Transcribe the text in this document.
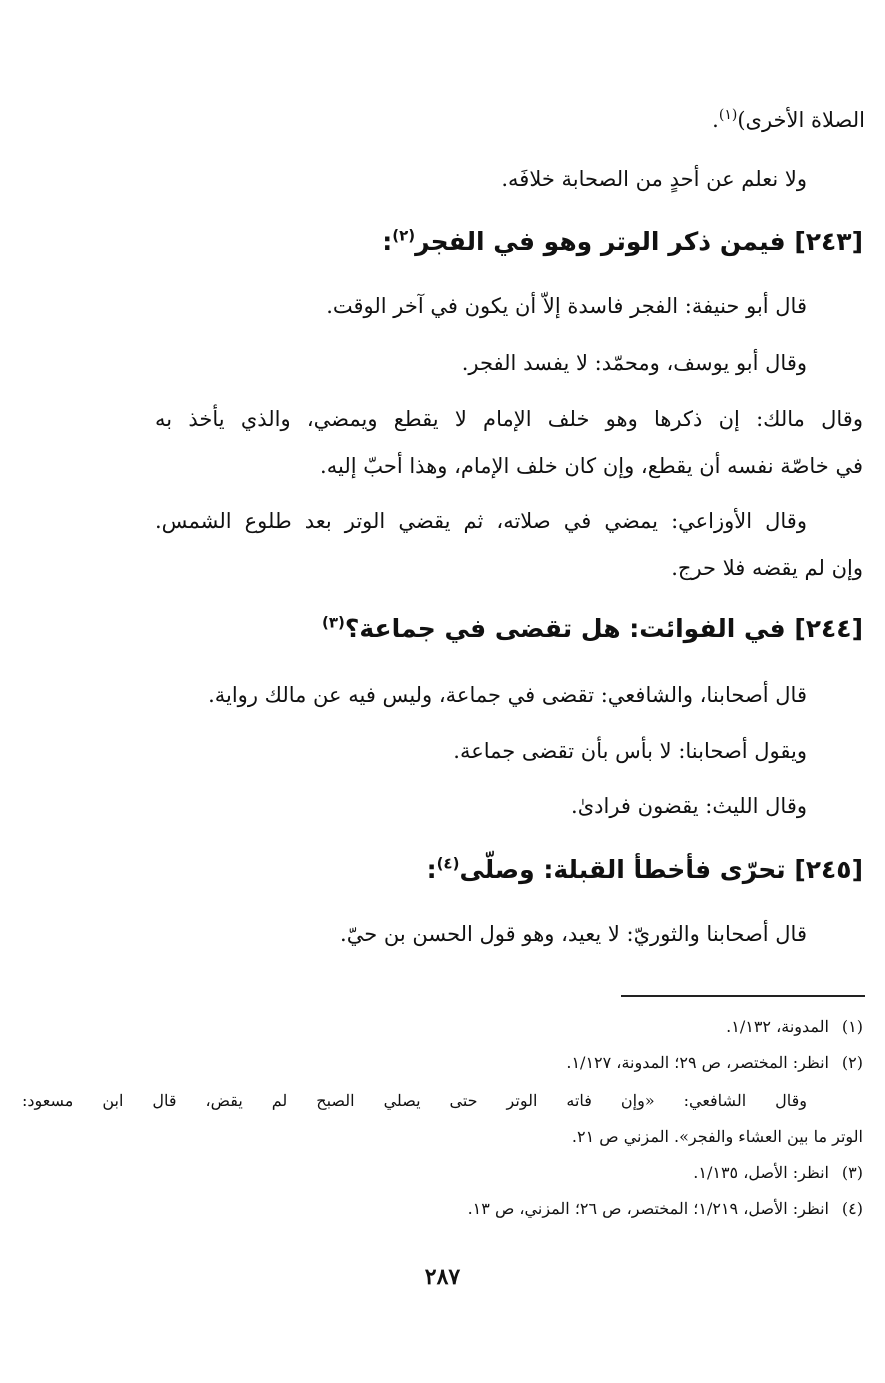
الصلاة الأخرى)$^{(١)}$.
ولا نعلم عن أحدٍ من الصحابة خلافَه.
[٢٤٣] فيمن ذكر الوتر وهو في الفجر$^{(٢)}$:
قال أبو حنيفة: الفجر فاسدة إلاّ أن يكون في آخر الوقت.
وقال أبو يوسف، ومحمّد: لا يفسد الفجر.
وقال مالك: إن ذكرها وهو خلف الإمام لا يقطع ويمضي، والذي يأخذ به
في خاصّة نفسه أن يقطع، وإن كان خلف الإمام، وهذا أحبّ إليه.
وقال الأوزاعي: يمضي في صلاته، ثم يقضي الوتر بعد طلوع الشمس.
وإن لم يقضه فلا حرج.
[٢٤٤] في الفوائت: هل تقضى في جماعة؟$^{(٣)}$
قال أصحابنا، والشافعي: تقضى في جماعة، وليس فيه عن مالك رواية.
ويقول أصحابنا: لا بأس بأن تقضى جماعة.
وقال الليث: يقضون فرادىٰ.
[٢٤٥] تحرّى فأخطأ القبلة: وصلّى$^{(٤)}$:
قال أصحابنا والثوريّ: لا يعيد، وهو قول الحسن بن حيّ.
(١)المدونة، ١/١٣٢.
(٢)انظر: المختصر، ص ٢٩؛ المدونة، ١/١٢٧.
وقال الشافعي: «وإن فاته الوتر حتى يصلي الصبح لم يقض، قال ابن مسعود:
الوتر ما بين العشاء والفجر». المزني ص ٢١.
(٣)انظر: الأصل، ١/١٣٥.
(٤)انظر: الأصل، ١/٢١٩؛ المختصر، ص ٢٦؛ المزني، ص ١٣.
٢٨٧
